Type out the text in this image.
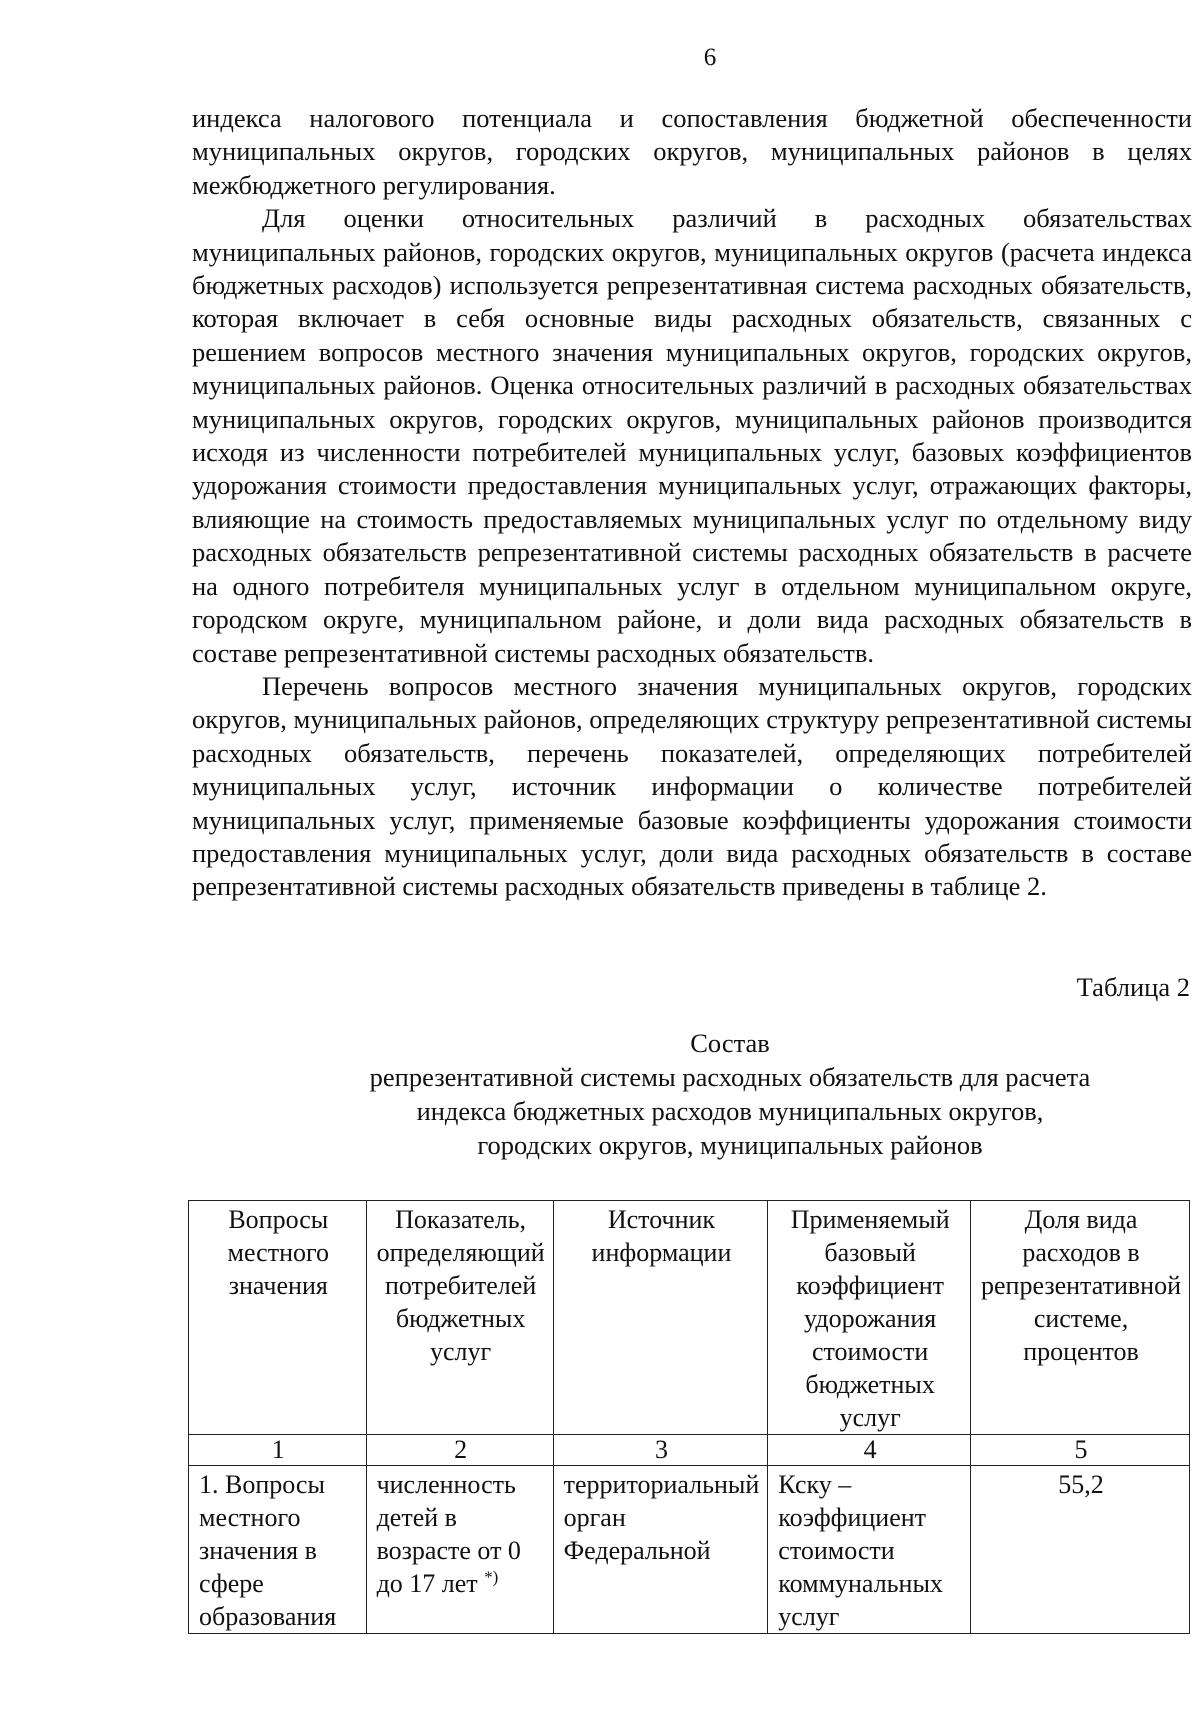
6

индекса налогового потенциала и сопоставления бюджетной обеспеченности муниципальных округов, городских округов, муниципальных районов в целях межбюджетного регулирования.

Для оценки относительных различий в расходных обязательствах муниципальных районов, городских округов, муниципальных округов (расчета индекса бюджетных расходов) используется репрезентативная система расходных обязательств, которая включает в себя основные виды расходных обязательств, связанных с решением вопросов местного значения муниципальных округов, городских округов, муниципальных районов. Оценка относительных различий в расходных обязательствах муниципальных округов, городских округов, муниципальных районов производится исходя из численности потребителей муниципальных услуг, базовых коэффициентов удорожания стоимости предоставления муниципальных услуг, отражающих факторы, влияющие на стоимость предоставляемых муниципальных услуг по отдельному виду расходных обязательств репрезентативной системы расходных обязательств в расчете на одного потребителя муниципальных услуг в отдельном муниципальном округе, городском округе, муниципальном районе, и доли вида расходных обязательств в составе репрезентативной системы расходных обязательств.

Перечень вопросов местного значения муниципальных округов, городских округов, муниципальных районов, определяющих структуру репрезентативной системы расходных обязательств, перечень показателей, определяющих потребителей муниципальных услуг, источник информации о количестве потребителей муниципальных услуг, применяемые базовые коэффициенты удорожания стоимости предоставления муниципальных услуг, доли вида расходных обязательств в составе репрезентативной системы расходных обязательств приведены в таблице 2.

Таблица 2
Состав
репрезентативной системы расходных обязательств для расчета
индекса бюджетных расходов муниципальных округов,
городских округов, муниципальных районов
Вопросы местного значения	Показатель, определяющий потребителей бюджетных услуг	Источник информации	Применяемый базовый коэффициент удорожания стоимости бюджетных услуг	Доля вида расходов в репрезентативной системе, процентов
1	2	3	4	5
1. Вопросы местного значения в сфере образования	численность детей в возрасте от 0 до 17 лет *)	территориальный орган Федеральной	Кску – коэффициент стоимости коммунальных услуг	55,2
